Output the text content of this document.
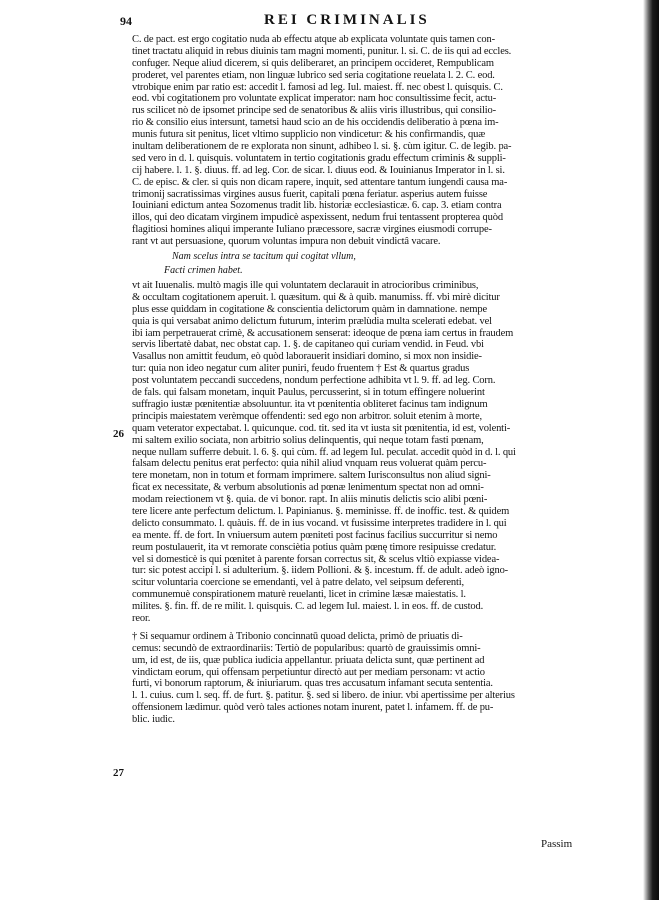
94	REI CRIMINALIS
26
27
C. de pact. est ergo cogitatio nuda ab effectu atque ab explicata voluntate quis tamen con-
tinet tractatu aliquid in rebus diuinis tam magni momenti, punitur. l. si. C. de iis qui ad eccles.
confuger. Neque aliud dicerem, si quis deliberaret, an principem occideret, Rempublicam
proderet, vel parentes etiam, non linguæ lubrico sed seria cogitatione reuelata l. 2. C. eod.
vtrobique enim par ratio est: accedit l. famosi ad leg. Iul. maiest. ff. nec obest l. quisquis. C.
eod. vbi cogitationem pro voluntate explicat imperator: nam hoc consultissime fecit, actu-
rus scilicet nò de ipsomet principe sed de senatoribus & aliis viris illustribus, qui consilio-
rio & consilio eius intersunt, tametsi haud scio an de his occidendis deliberatio à pœna im-
munis futura sit penitus, licet vltimo supplicio non vindicetur: & his confirmandis, quæ
inultam deliberationem de re explorata non sinunt, adhibeo l. si. §. cùm igitur. C. de legib. pa-
sed vero in d. l. quisquis. voluntatem in tertio cogitationis gradu effectum criminis & suppli-
cij habere. l. 1. §. diuus. ff. ad leg. Cor. de sicar. l. diuus eod. & Iouinianus Imperator in l. si.
C. de episc. & cler. si quis non dicam rapere, inquit, sed attentare tantum iungendi causa ma-
trimonij sacratissimas virgines ausus fuerit, capitali pœna feriatur. asperius autem fuisse
Iouiniani edictum antea Sozomenus tradit lib. historiæ ecclesiasticæ. 6. cap. 3. etiam contra
illos, qui deo dicatam virginem impudicè aspexissent, nedum frui tentassent propterea quòd
flagitiosi homines aliqui imperante Iuliano præcessore, sacræ virgines eiusmodi corrupe-
rant vt aut persuasione, quorum voluntas impura non debuit vindictâ vacare.
Nam scelus intra se tacitum qui cogitat vllum,
Facti crimen habet.
vt ait Iuuenalis. multò magis ille qui voluntatem declarauit in atrocioribus criminibus,
& occultam cogitationem aperuit. l. quæsitum. qui & à quib. manumiss. ff. vbi mirè dicitur
plus esse quiddam in cogitatione & conscientia delictorum quàm in damnatione. nempe
quia is qui versabat animo delictum futurum, interim prælùdia multa scelerati edebat. vel
ibi iam perpetrauerat crimè, & accusationem senserat: ideoque de pœna iam certus in fraudem
servis libertatè dabat, nec obstat cap. 1. §. de capitaneo qui curiam vendid. in Feud. vbi
Vasallus non amittit feudum, eò quòd laborauerit insidiari domino, si mox non insidie-
tur: quia non ideo negatur cum aliter puniri, feudo fruentem † Est & quartus gradus
post voluntatem peccandi succedens, nondum perfectione adhibita vt l. 9. ff. ad leg. Corn.
de fals. qui falsam monetam, inquit Paulus, percusserint, si in totum effingere noluerint
suffragio iustæ pœnitentiæ absoluuntur. ita vt pœnitentia obliteret facinus tam indignum
principis maiestatem verèmque offendenti: sed ego non arbitror. soluit etenim à morte,
quam veterator expectabat. l. quicunque. cod. tit. sed ita vt iusta sit pœnitentia, id est, volenti-
mi saltem exilio sociata, non arbitrio solius delinquentis, qui neque totam fasti pœnam,
neque nullam sufferre debuit. l. 6. §. qui cùm. ff. ad legem Iul. peculat. accedit quòd in d. l. qui
falsam delectu penitus erat perfecto: quia nihil aliud vnquam reus voluerat quàm percu-
tere monetam, non in totum et formam imprimere. saltem Iurisconsultus non aliud signi-
ficat ex necessitate, & verbum absolutionis ad pœnæ lenimentum spectat non ad omni-
modam reiectionem vt §. quia. de vi bonor. rapt. In aliis minutis delictis scio alibi pœni-
tere licere ante perfectum delictum. l. Papinianus. §. meminisse. ff. de inoffic. test. & quidem
delicto consummato. l. quàuis. ff. de in ius vocand. vt fusissime interpretes tradidere in l. qui
ea mente. ff. de fort. In vniuersum autem pœniteti post facinus facilius succurritur si nemo
reum postulauerit, ita vt remorate consciètia potius quàm pœnę timore resipuisse credatur.
vel si domesticè is qui pœnitet à parente forsan correctus sit, & scelus vltiò expiasse videa-
tur: sic potest accipi l. si adulterium. §. iidem Pollioni. & §. incestum. ff. de adult. adeò igno-
scitur voluntaria coercione se emendanti, vel à patre delato, vel seipsum deferenti,
communemuè conspirationem maturè reuelanti, licet in crimine læsæ maiestatis. l.
milites. §. fin. ff. de re milit. l. quisquis. C. ad legem Iul. maiest. l. in eos. ff. de custod.
reor.
† Si sequamur ordinem à Tribonio concinnatū quoad delicta, primò de priuatis di-
cemus: secundò de extraordinariis: Tertiò de popularibus: quartò de grauissimis omni-
um, id est, de iis, quæ publica iudicia appellantur. priuata delicta sunt, quæ pertinent ad
vindictam eorum, qui offensam perpetiuntur directò aut per mediam personam: vt actio
furti, vi bonorum raptorum, & iniuriarum. quas tres accusatum infamant secuta sententia.
l. 1. cuius. cum l. seq. ff. de furt. §. patitur. §. sed si libero. de iniur. vbi apertissime per alterius
offensionem lædimur. quòd verò tales actiones notam inurent, patet l. infamem. ff. de pu-
blic. iudic.
Passim
